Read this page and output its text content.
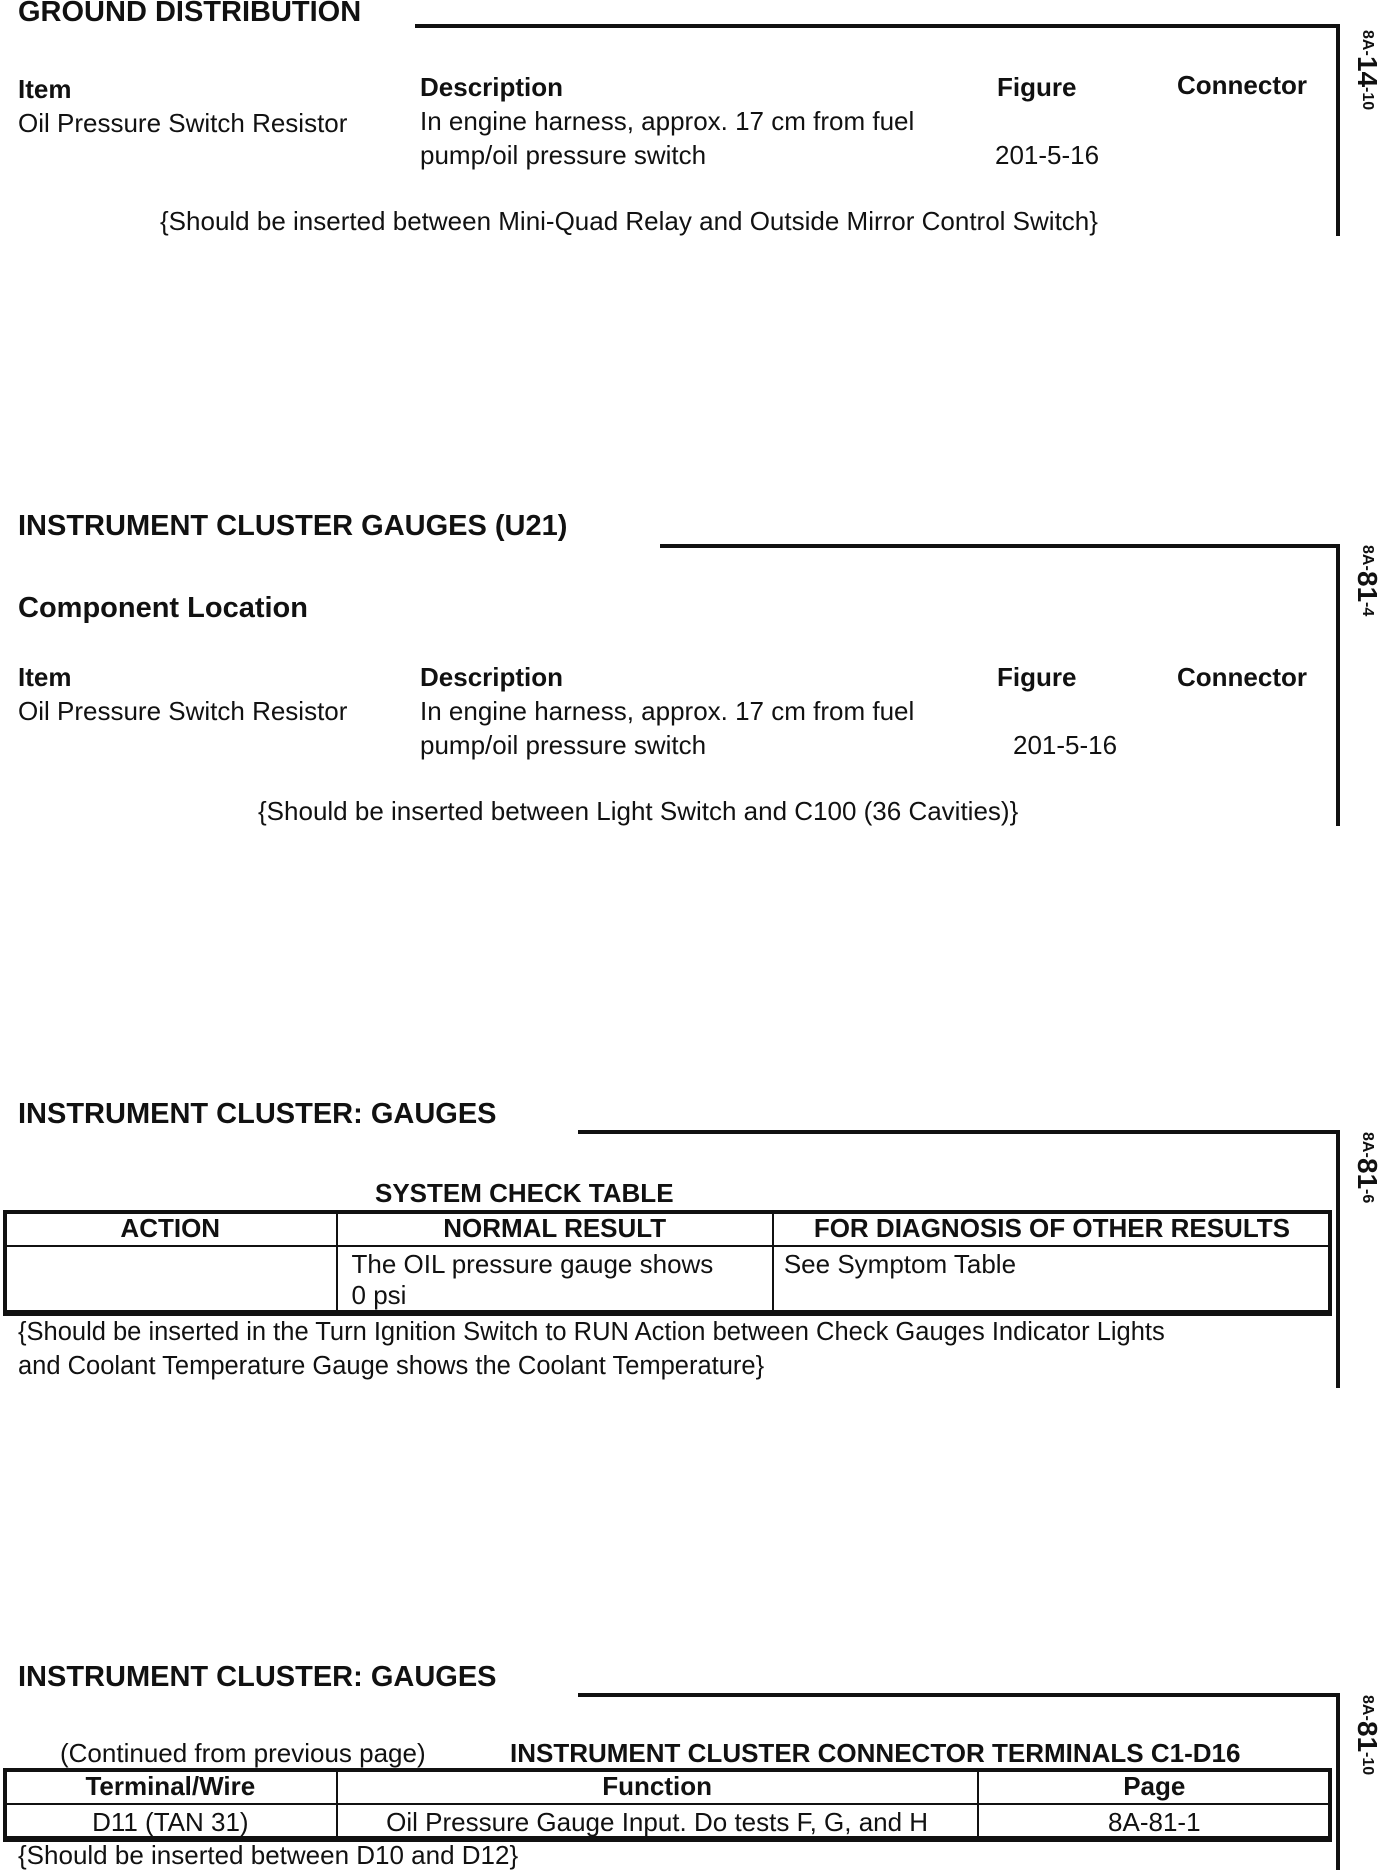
GROUND DISTRIBUTION
8A-
14
-10
Item	Description	Figure	Connector
Oil Pressure Switch Resistor	In engine harness, approx. 17 cm from fuel
pump/oil pressure switch	201-5-16
{Should be inserted between Mini-Quad Relay and Outside Mirror Control Switch}
INSTRUMENT CLUSTER GAUGES (U21)
8A-
81
-4
Component Location
Item	Description	Figure	Connector
Oil Pressure Switch Resistor	In engine harness, approx. 17 cm from fuel
pump/oil pressure switch	201-5-16
{Should be inserted between Light Switch and C100 (36 Cavities)}
INSTRUMENT CLUSTER: GAUGES
8A-
81
-6
SYSTEM CHECK TABLE
ACTION	NORMAL RESULT	FOR DIAGNOSIS OF OTHER RESULTS

	The OIL pressure gauge shows
0 psi	See Symptom Table
{Should be inserted in the Turn Ignition Switch to RUN Action between Check Gauges Indicator Lights
and Coolant Temperature Gauge shows the Coolant Temperature}
INSTRUMENT CLUSTER: GAUGES
8A-
81
-10
(Continued from previous page)	INSTRUMENT CLUSTER CONNECTOR TERMINALS C1-D16
Terminal/Wire	Function	Page
D11 (TAN 31)	Oil Pressure Gauge Input. Do tests F, G, and H	8A-81-1
{Should be inserted between D10 and D12}
